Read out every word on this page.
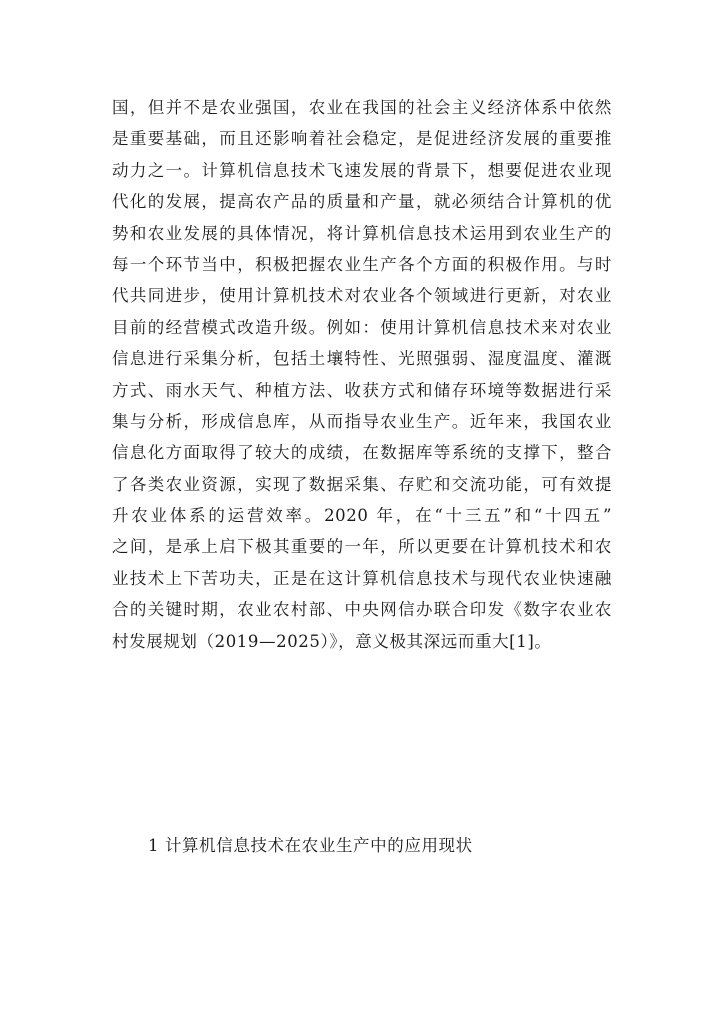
国，但并不是农业强国，农业在我国的社会主义经济体系中依然
是重要基础，而且还影响着社会稳定，是促进经济发展的重要推
动力之一。计算机信息技术飞速发展的背景下，想要促进农业现
代化的发展，提高农产品的质量和产量，就必须结合计算机的优
势和农业发展的具体情况，将计算机信息技术运用到农业生产的
每一个环节当中，积极把握农业生产各个方面的积极作用。与时
代共同进步，使用计算机技术对农业各个领域进行更新，对农业
目前的经营模式改造升级。例如：使用计算机信息技术来对农业
信息进行采集分析，包括土壤特性、光照强弱、湿度温度、灌溉
方式、雨水天气、种植方法、收获方式和储存环境等数据进行采
集与分析，形成信息库，从而指导农业生产。近年来，我国农业
信息化方面取得了较大的成绩，在数据库等系统的支撑下，整合
了各类农业资源，实现了数据采集、存贮和交流功能，可有效提
升农业体系的运营效率。2020 年，在“十三五”和“十四五”
之间，是承上启下极其重要的一年，所以更要在计算机技术和农
业技术上下苦功夫，正是在这计算机信息技术与现代农业快速融
合的关键时期，农业农村部、中央网信办联合印发《数字农业农
村发展规划（2019—2025）》，意义极其深远而重大[1]。
1 计算机信息技术在农业生产中的应用现状
